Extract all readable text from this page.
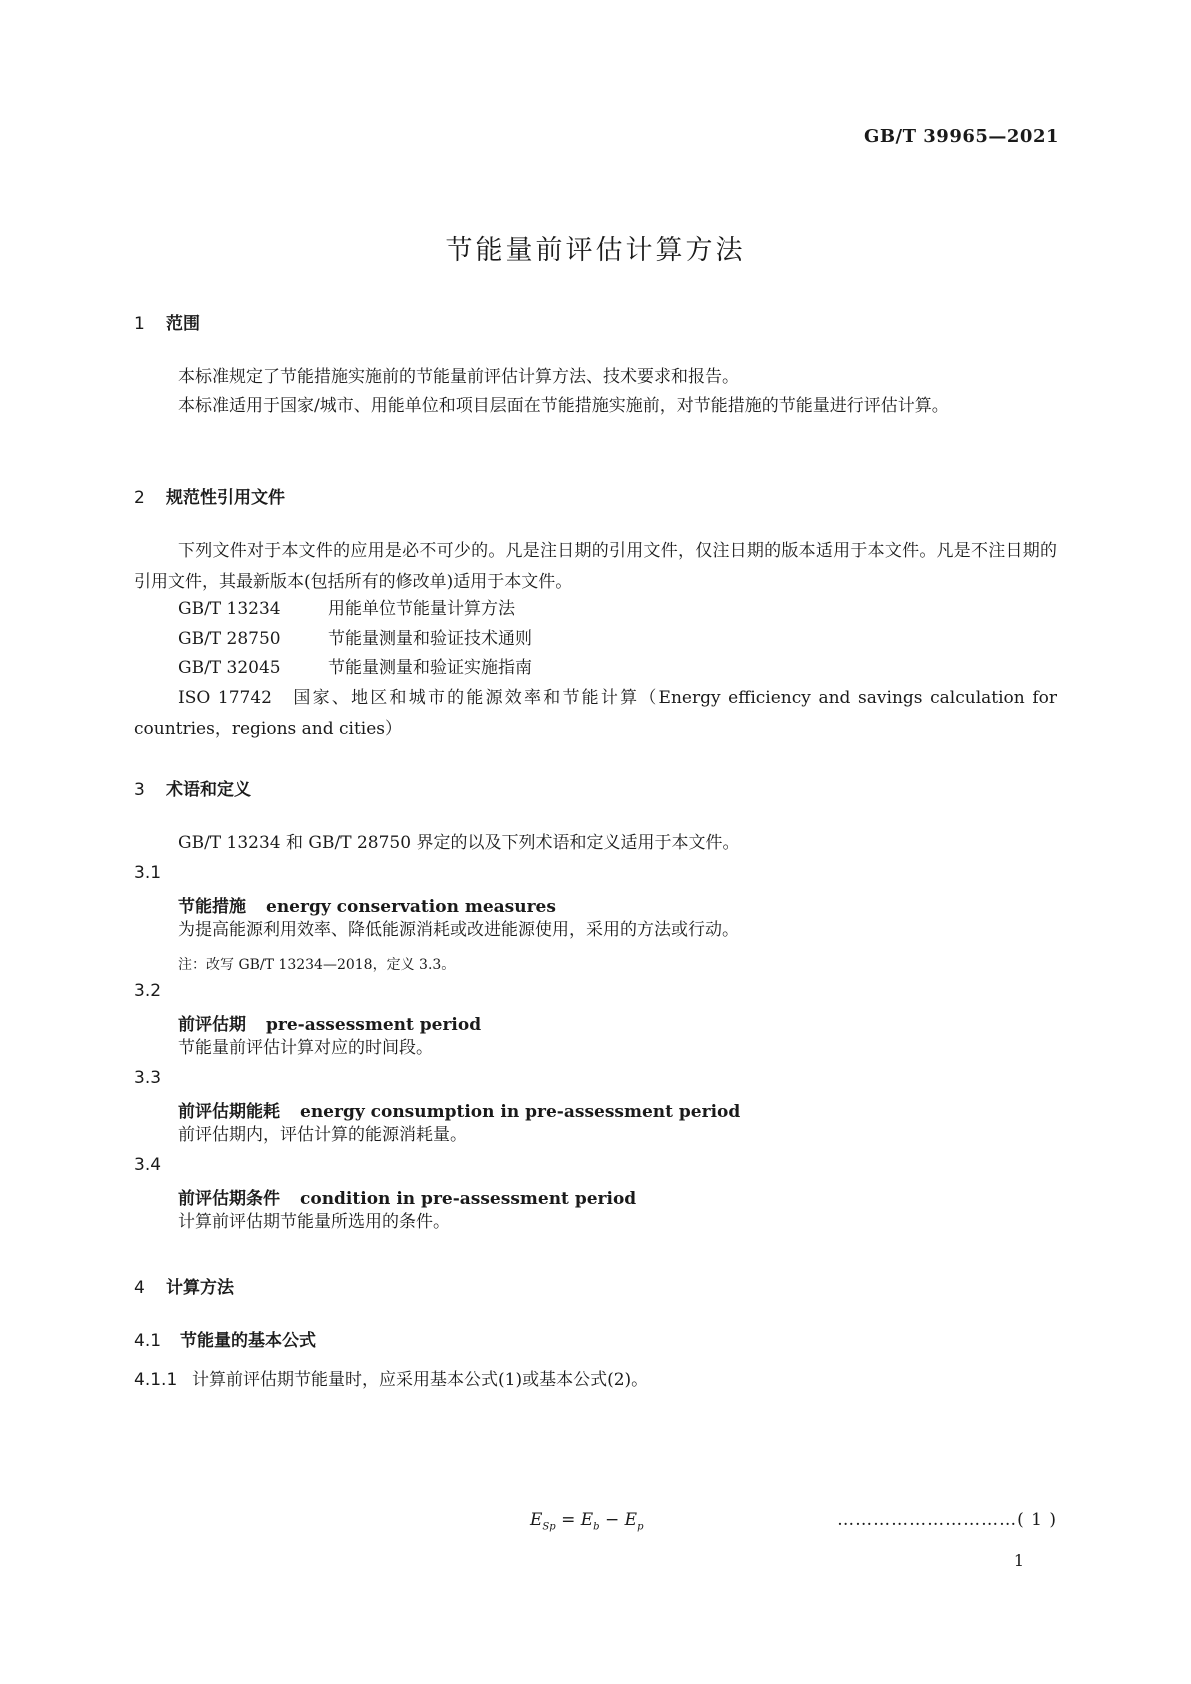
GB/T 39965—2021
节能量前评估计算方法
1 范围
本标准规定了节能措施实施前的节能量前评估计算方法、技术要求和报告。
本标准适用于国家/城市、用能单位和项目层面在节能措施实施前，对节能措施的节能量进行评估计算。
2 规范性引用文件
下列文件对于本文件的应用是必不可少的。凡是注日期的引用文件，仅注日期的版本适用于本文件。凡是不注日期的引用文件，其最新版本(包括所有的修改单)适用于本文件。
GB/T 13234	用能单位节能量计算方法
GB/T 28750	节能量测量和验证技术通则
GB/T 32045	节能量测量和验证实施指南
ISO 17742　国家、地区和城市的能源效率和节能计算（Energy efficiency and savings calculation for countries，regions and cities）
3 术语和定义
GB/T 13234 和 GB/T 28750 界定的以及下列术语和定义适用于本文件。
3.1
节能措施 energy conservation measures
为提高能源利用效率、降低能源消耗或改进能源使用，采用的方法或行动。
注：改写 GB/T 13234—2018，定义 3.3。
3.2
前评估期 pre-assessment period
节能量前评估计算对应的时间段。
3.3
前评估期能耗 energy consumption in pre-assessment period
前评估期内，评估计算的能源消耗量。
3.4
前评估期条件 condition in pre-assessment period
计算前评估期节能量所选用的条件。
4 计算方法
4.1 节能量的基本公式
4.1.1 计算前评估期节能量时，应采用基本公式(1)或基本公式(2)。
$E_{Sp} = E_b - E_p$	…………………………( 1 )
1
